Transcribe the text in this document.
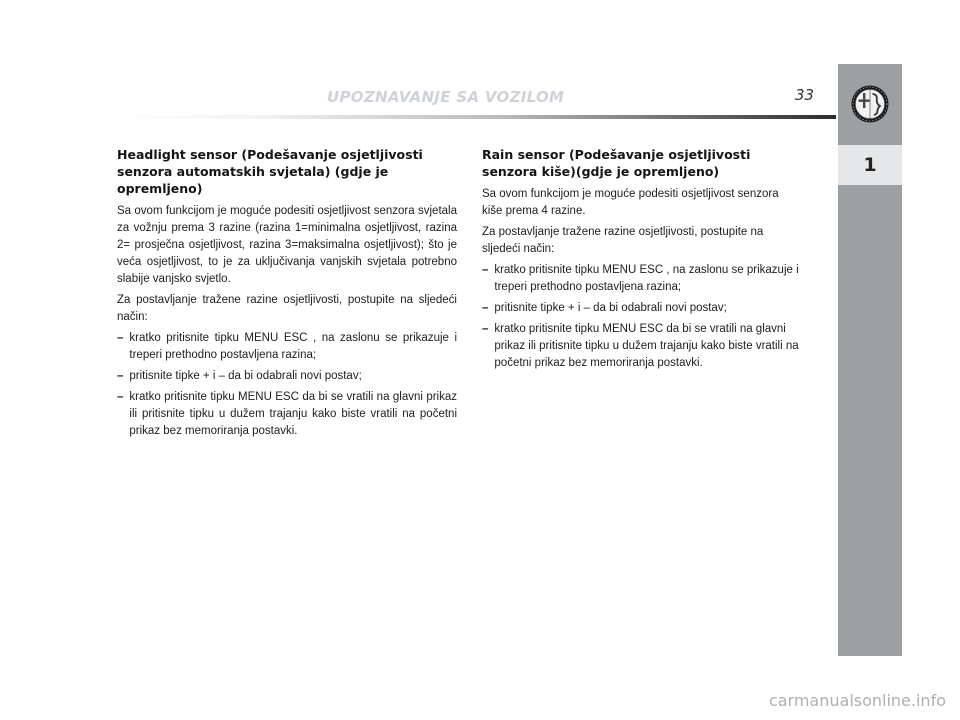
UPOZNAVANJE SA VOZILOM	33
1
Headlight sensor (Podešavanje osjetljivosti senzora automatskih svjetala) (gdje je opremljeno)

Sa ovom funkcijom je moguće podesiti osjetljivost senzora svjetala za vožnju prema 3 razine (razina 1=minimalna osjetljivost, razina 2= prosječna osjetljivost, razina 3=maksimalna osjetljivost); što je veća osjetljivost, to je za uključivanja vanjskih svjetala potrebno slabije vanjsko svjetlo.

Za postavljanje tražene razine osjetljivosti, postupite na sljedeći način:

– kratko pritisnite tipku MENU ESC , na zaslonu se prikazuje i treperi prethodno postavljena razina;
– pritisnite tipke + i – da bi odabrali novi postav;
– kratko pritisnite tipku MENU ESC da bi se vratili na glavni prikaz ili pritisnite tipku u dužem trajanju kako biste vratili na početni prikaz bez memoriranja postavki.
Rain sensor (Podešavanje osjetljivosti senzora kiše)(gdje je opremljeno)

Sa ovom funkcijom je moguće podesiti osjetljivost senzora kiše prema 4 razine.

Za postavljanje tražene razine osjetljivosti, postupite na sljedeći način:

– kratko pritisnite tipku MENU ESC , na zaslonu se prikazuje i treperi prethodno postavljena razina;
– pritisnite tipke + i – da bi odabrali novi postav;
– kratko pritisnite tipku MENU ESC da bi se vratili na glavni prikaz ili pritisnite tipku u dužem trajanju kako biste vratili na početni prikaz bez memoriranja postavki.
carmanualsonline.info
